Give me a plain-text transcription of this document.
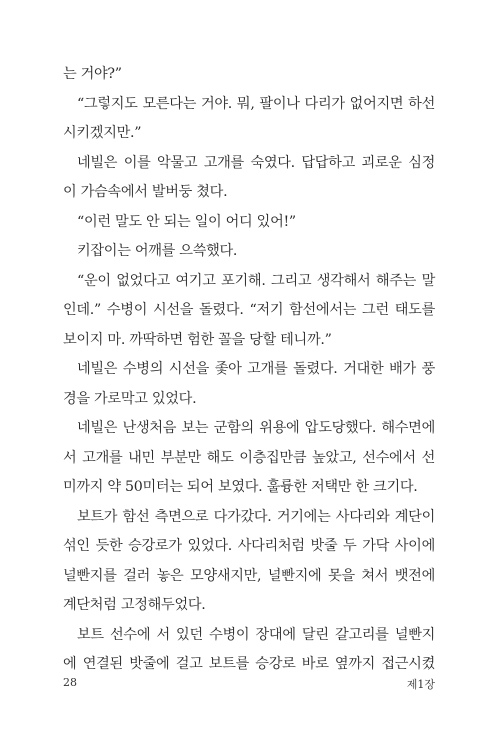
는 거야?”
“그렇지도 모른다는 거야. 뭐, 팔이나 다리가 없어지면 하선
시키겠지만.”
네빌은 이를 악물고 고개를 숙였다. 답답하고 괴로운 심정
이 가슴속에서 발버둥 쳤다.
“이런 말도 안 되는 일이 어디 있어!”
키잡이는 어깨를 으쓱했다.
“운이 없었다고 여기고 포기해. 그리고 생각해서 해주는 말
인데.” 수병이 시선을 돌렸다. “저기 함선에서는 그런 태도를
보이지 마. 까딱하면 험한 꼴을 당할 테니까.”
네빌은 수병의 시선을 좇아 고개를 돌렸다. 거대한 배가 풍
경을 가로막고 있었다.
네빌은 난생처음 보는 군함의 위용에 압도당했다. 해수면에
서 고개를 내민 부분만 해도 이층집만큼 높았고, 선수에서 선
미까지 약 50미터는 되어 보였다. 훌륭한 저택만 한 크기다.
보트가 함선 측면으로 다가갔다. 거기에는 사다리와 계단이
섞인 듯한 승강로가 있었다. 사다리처럼 밧줄 두 가닥 사이에
널빤지를 걸러 놓은 모양새지만, 널빤지에 못을 쳐서 뱃전에
계단처럼 고정해두었다.
보트 선수에 서 있던 수병이 장대에 달린 갈고리를 널빤지
에 연결된 밧줄에 걸고 보트를 승강로 바로 옆까지 접근시켰
28	제1장
